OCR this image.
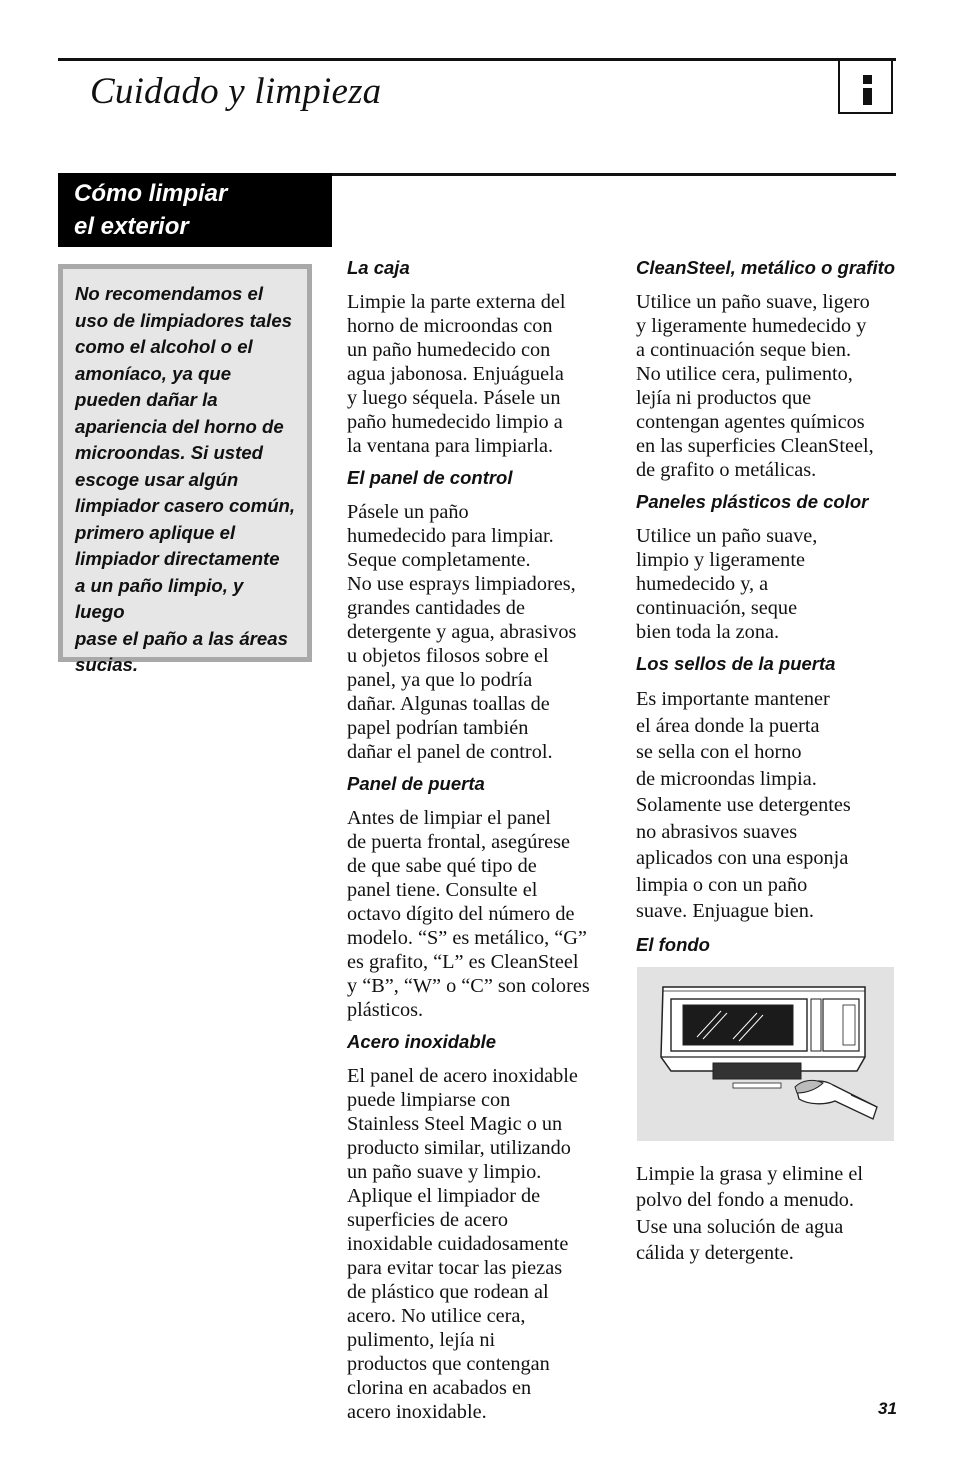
Cuidado y limpieza
Cómo limpiar
el exterior
No recomendamos el
uso de limpiadores tales
como el alcohol o el
amoníaco, ya que
pueden dañar la
apariencia del horno de
microondas. Si usted
escoge usar algún
limpiador casero común,
primero aplique el
limpiador directamente
a un paño limpio, y luego
pase el paño a las áreas
sucias.
La caja

Limpie la parte externa del
horno de microondas con
un paño humedecido con
agua jabonosa. Enjuáguela
y luego séquela. Pásele un
paño humedecido limpio a
la ventana para limpiarla.

El panel de control

Pásele un paño
humedecido para limpiar.
Seque completamente.
No use esprays limpiadores,
grandes cantidades de
detergente y agua, abrasivos
u objetos filosos sobre el
panel, ya que lo podría
dañar. Algunas toallas de
papel podrían también
dañar el panel de control.

Panel de puerta

Antes de limpiar el panel
de puerta frontal, asegúrese
de que sabe qué tipo de
panel tiene. Consulte el
octavo dígito del número de
modelo. “S” es metálico, “G”
es grafito, “L” es CleanSteel
y “B”, “W” o “C” son colores
plásticos.

Acero inoxidable

El panel de acero inoxidable
puede limpiarse con
Stainless Steel Magic o un
producto similar, utilizando
un paño suave y limpio.
Aplique el limpiador de
superficies de acero
inoxidable cuidadosamente
para evitar tocar las piezas
de plástico que rodean al
acero. No utilice cera,
pulimento, lejía ni
productos que contengan
clorina en acabados en
acero inoxidable.

CleanSteel, metálico o grafito

Utilice un paño suave, ligero
y ligeramente humedecido y
a continuación seque bien.
No utilice cera, pulimento,
lejía ni productos que
contengan agentes químicos
en las superficies CleanSteel,
de grafito o metálicas.

Paneles plásticos de color

Utilice un paño suave,
limpio y ligeramente
humedecido y, a
continuación, seque
bien toda la zona.

Los sellos de la puerta

Es importante mantener
el área donde la puerta
se sella con el horno
de microondas limpia.
Solamente use detergentes
no abrasivos suaves
aplicados con una esponja
limpia o con un paño
suave. Enjuague bien.

El fondo

Limpie la grasa y elimine el
polvo del fondo a menudo.
Use una solución de agua
cálida y detergente.

31
